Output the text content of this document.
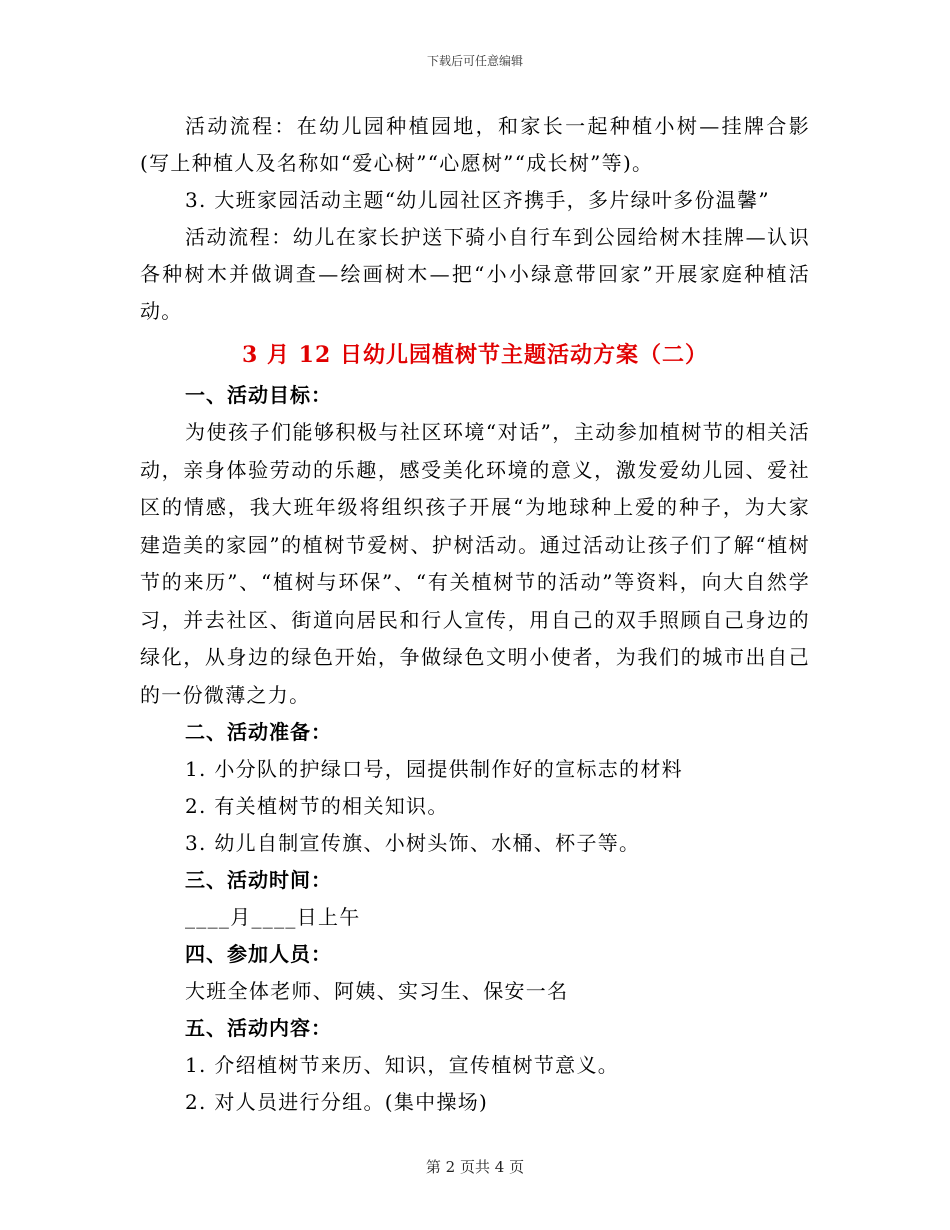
下载后可任意编辑

活动流程：在幼儿园种植园地，和家长一起种植小树—挂牌合影(写上种植人及名称如“爱心树”“心愿树”“成长树”等)。

3. 大班家园活动主题“幼儿园社区齐携手，多片绿叶多份温馨”

活动流程：幼儿在家长护送下骑小自行车到公园给树木挂牌—认识各种树木并做调查—绘画树木—把“小小绿意带回家”开展家庭种植活动。

3 月 12 日幼儿园植树节主题活动方案（二）

一、活动目标：

为使孩子们能够积极与社区环境“对话”，主动参加植树节的相关活动，亲身体验劳动的乐趣，感受美化环境的意义，激发爱幼儿园、爱社区的情感，我大班年级将组织孩子开展“为地球种上爱的种子，为大家建造美的家园”的植树节爱树、护树活动。通过活动让孩子们了解“植树节的来历”、“植树与环保”、“有关植树节的活动”等资料，向大自然学习，并去社区、街道向居民和行人宣传，用自己的双手照顾自己身边的绿化，从身边的绿色开始，争做绿色文明小使者，为我们的城市出自己的一份微薄之力。

二、活动准备：

1. 小分队的护绿口号，园提供制作好的宣标志的材料

2. 有关植树节的相关知识。

3. 幼儿自制宣传旗、小树头饰、水桶、杯子等。

三、活动时间：

____月____日上午

四、参加人员：

大班全体老师、阿姨、实习生、保安一名

五、活动内容：

1. 介绍植树节来历、知识，宣传植树节意义。

2. 对人员进行分组。(集中操场)

第 2 页共 4 页
